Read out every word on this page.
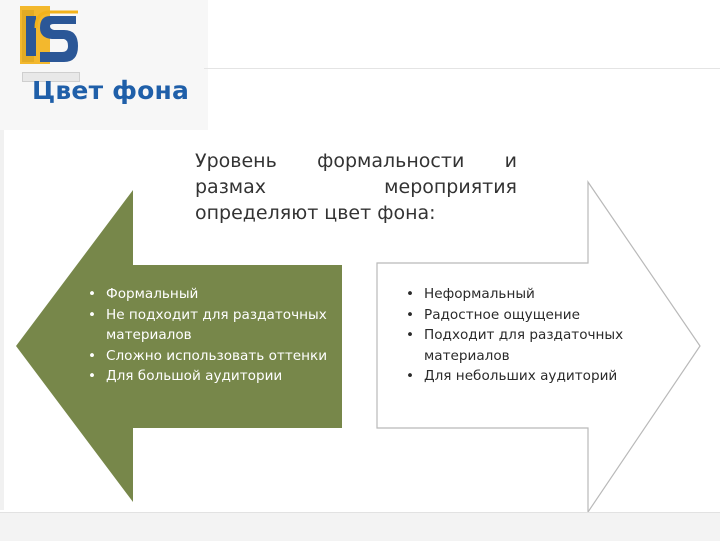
Цвет фона
Уровень формальности и размах мероприятия определяют цвет фона:
• Формальный
• Не подходит для раздаточных материалов
• Сложно использовать оттенки
• Для большой аудитории
• Неформальный
• Радостное ощущение
• Подходит для раздаточных материалов
• Для небольших аудиторий
